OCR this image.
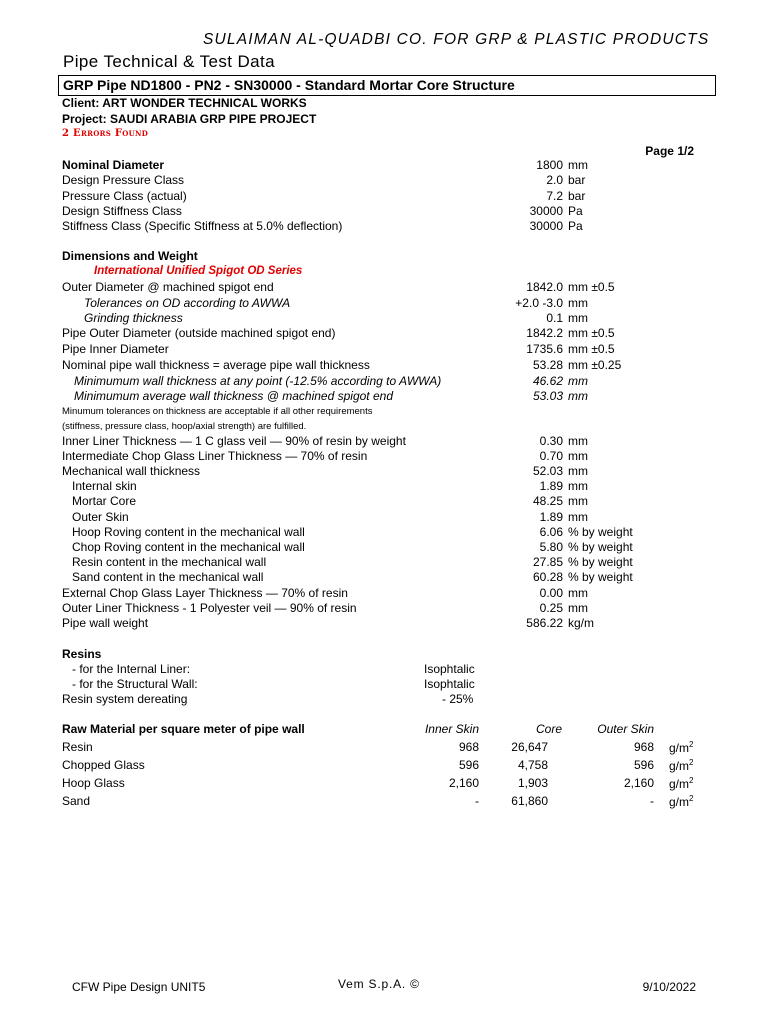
SULAIMAN AL-QUADBI CO. FOR GRP & PLASTIC PRODUCTS
Pipe Technical & Test Data
GRP Pipe ND1800 - PN2 - SN30000 - Standard Mortar Core Structure
Client: ART WONDER TECHNICAL WORKS
Project: SAUDI ARABIA GRP PIPE PROJECT
2 Errors Found
Page 1/2
Nominal Diameter	1800 mm
Design Pressure Class	2.0 bar
Pressure Class (actual)	7.2 bar
Design Stiffness Class	30000 Pa
Stiffness Class (Specific Stiffness at 5.0% deflection)	30000 Pa
Dimensions and Weight
International Unified Spigot OD Series
Outer Diameter @ machined spigot end	1842.0 mm ±0.5
Tolerances on OD according to AWWA	+2.0 -3.0 mm
Grinding thickness	0.1 mm
Pipe Outer Diameter (outside machined spigot end)	1842.2 mm ±0.5
Pipe Inner Diameter	1735.6 mm ±0.5
Nominal pipe wall thickness = average pipe wall thickness	53.28 mm ±0.25
Minimumum wall thickness at any point (-12.5% according to AWWA)	46.62 mm
Minimumum average wall thickness @ machined spigot end	53.03 mm
Minumum tolerances on thickness are acceptable if all other requirements
(stiffness, pressure class, hoop/axial strength) are fulfilled.
Inner Liner Thickness — 1 C glass veil — 90% of resin by weight	0.30 mm
Intermediate Chop Glass Liner Thickness — 70% of resin	0.70 mm
Mechanical wall thickness	52.03 mm
Internal skin	1.89 mm
Mortar Core	48.25 mm
Outer Skin	1.89 mm
Hoop Roving content in the mechanical wall	6.06 % by weight
Chop Roving content in the mechanical wall	5.80 % by weight
Resin content in the mechanical wall	27.85 % by weight
Sand content in the mechanical wall	60.28 % by weight
External Chop Glass Layer Thickness — 70% of resin	0.00 mm
Outer Liner Thickness - 1 Polyester veil — 90% of resin	0.25 mm
Pipe wall weight	586.22 kg/m
Resins
- for the Internal Liner:	Isophtalic
- for the Structural Wall:	Isophtalic
Resin system dereating	- 25%
Raw Material per square meter of pipe wall	Inner Skin	Core	Outer Skin
Resin	968	26,647	968 $g/m^2$
Chopped Glass	596	4,758	596 $g/m^2$
Hoop Glass	2,160	1,903	2,160 $g/m^2$
Sand	-	61,860	- $g/m^2$
CFW Pipe Design UNIT5	Vem S.p.A. ©	9/10/2022
